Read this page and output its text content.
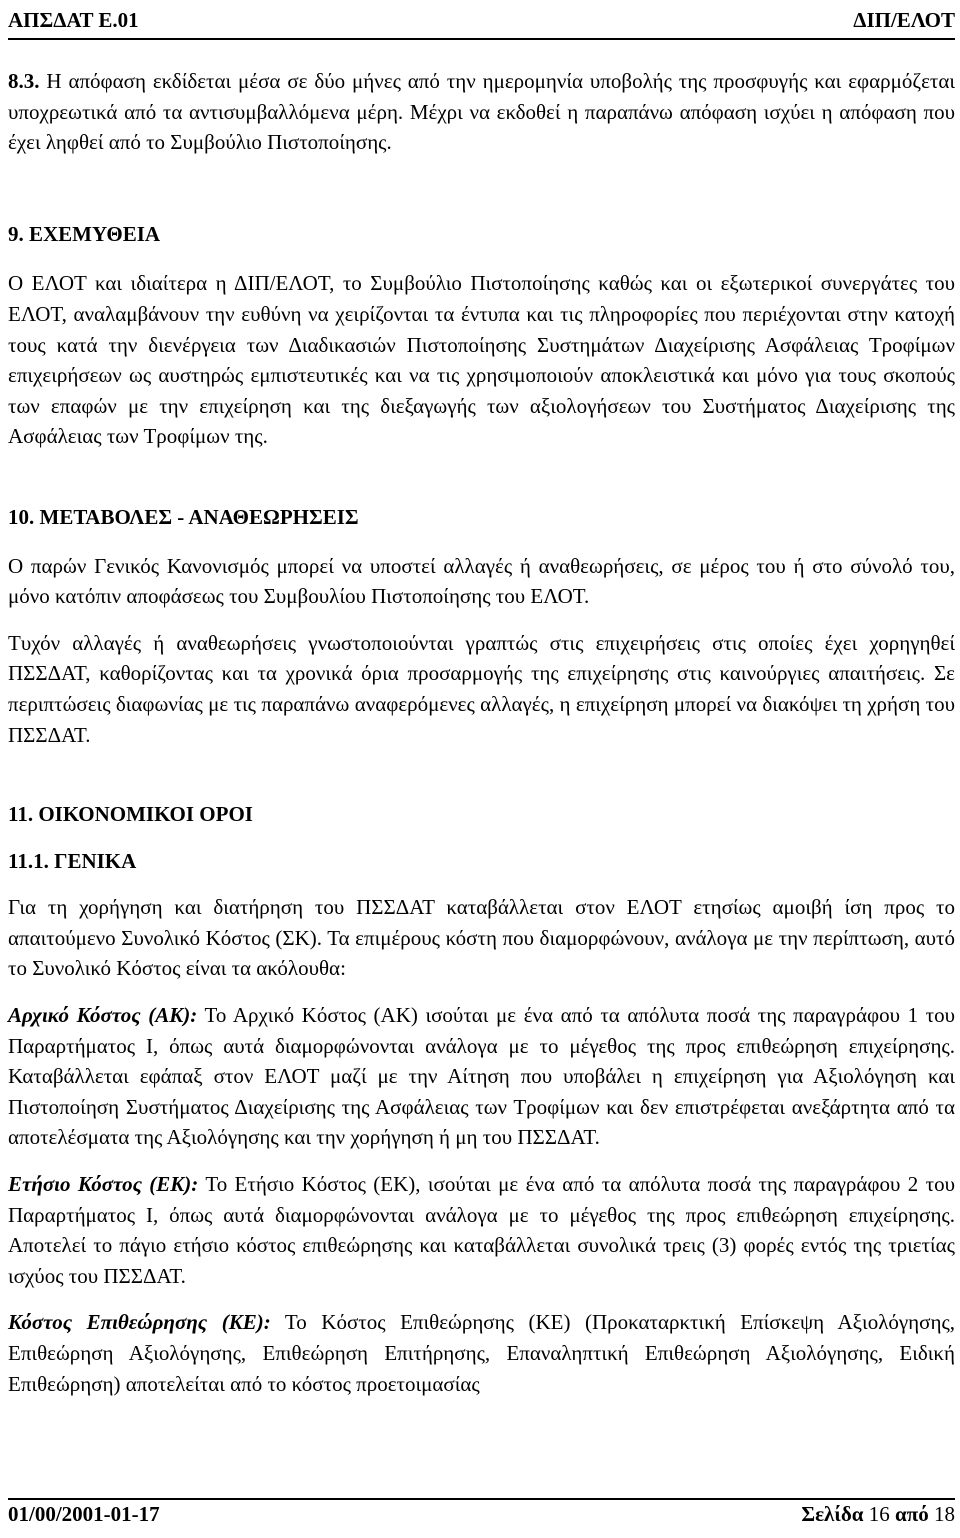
ΑΠΣΔΑΤ Ε.01	ΔΙΠ/ΕΛΟΤ

8.3. Η απόφαση εκδίδεται μέσα σε δύο μήνες από την ημερομηνία υποβολής της προσφυγής και εφαρμόζεται υποχρεωτικά από τα αντισυμβαλλόμενα μέρη. Μέχρι να εκδοθεί η παραπάνω απόφαση ισχύει η απόφαση που έχει ληφθεί από το Συμβούλιο Πιστοποίησης.

9. ΕΧΕΜΥΘΕΙΑ

Ο ΕΛΟΤ και ιδιαίτερα η ΔΙΠ/ΕΛΟΤ, το Συμβούλιο Πιστοποίησης καθώς και οι εξωτερικοί συνεργάτες του ΕΛΟΤ, αναλαμβάνουν την ευθύνη να χειρίζονται τα έντυπα και τις πληροφορίες που περιέχονται στην κατοχή τους κατά την διενέργεια των Διαδικασιών Πιστοποίησης Συστημάτων Διαχείρισης Ασφάλειας Τροφίμων επιχειρήσεων ως αυστηρώς εμπιστευτικές και να τις χρησιμοποιούν αποκλειστικά και μόνο για τους σκοπούς των επαφών με την επιχείρηση και της διεξαγωγής των αξιολογήσεων του Συστήματος Διαχείρισης της Ασφάλειας των Τροφίμων της.

10. ΜΕΤΑΒΟΛΕΣ - ΑΝΑΘΕΩΡΗΣΕΙΣ

Ο παρών Γενικός Κανονισμός μπορεί να υποστεί αλλαγές ή αναθεωρήσεις, σε μέρος του ή στο σύνολό του, μόνο κατόπιν αποφάσεως του Συμβουλίου Πιστοποίησης του ΕΛΟΤ.

Τυχόν αλλαγές ή αναθεωρήσεις γνωστοποιούνται γραπτώς στις επιχειρήσεις στις οποίες έχει χορηγηθεί ΠΣΣΔΑΤ, καθορίζοντας και τα χρονικά όρια προσαρμογής της επιχείρησης στις καινούργιες απαιτήσεις. Σε περιπτώσεις διαφωνίας με τις παραπάνω αναφερόμενες αλλαγές, η επιχείρηση μπορεί να διακόψει τη χρήση του ΠΣΣΔΑΤ.

11. ΟΙΚΟΝΟΜΙΚΟΙ ΟΡΟΙ

11.1. ΓΕΝΙΚΑ

Για τη χορήγηση και διατήρηση του ΠΣΣΔΑΤ καταβάλλεται στον ΕΛΟΤ ετησίως αμοιβή ίση προς το απαιτούμενο Συνολικό Κόστος (ΣΚ). Τα επιμέρους κόστη που διαμορφώνουν, ανάλογα με την περίπτωση, αυτό το Συνολικό Κόστος είναι τα ακόλουθα:

Αρχικό Κόστος (ΑΚ): Το Αρχικό Κόστος (ΑΚ) ισούται με ένα από τα απόλυτα ποσά της παραγράφου 1 του Παραρτήματος Ι, όπως αυτά διαμορφώνονται ανάλογα με το μέγεθος της προς επιθεώρηση επιχείρησης. Καταβάλλεται εφάπαξ στον ΕΛΟΤ μαζί με την Αίτηση που υποβάλει η επιχείρηση για Αξιολόγηση και Πιστοποίηση Συστήματος Διαχείρισης της Ασφάλειας των Τροφίμων και δεν επιστρέφεται ανεξάρτητα από τα αποτελέσματα της Αξιολόγησης και την χορήγηση ή μη του ΠΣΣΔΑΤ.

Ετήσιο Κόστος (ΕΚ): Το Ετήσιο Κόστος (ΕΚ), ισούται με ένα από τα απόλυτα ποσά της παραγράφου 2 του Παραρτήματος Ι, όπως αυτά διαμορφώνονται ανάλογα με το μέγεθος της προς επιθεώρηση επιχείρησης. Αποτελεί το πάγιο ετήσιο κόστος επιθεώρησης και καταβάλλεται συνολικά τρεις (3) φορές εντός της τριετίας ισχύος του ΠΣΣΔΑΤ.

Κόστος Επιθεώρησης (ΚΕ): Το Κόστος Επιθεώρησης (ΚΕ) (Προκαταρκτική Επίσκεψη Αξιολόγησης, Επιθεώρηση Αξιολόγησης, Επιθεώρηση Επιτήρησης, Επαναληπτική Επιθεώρηση Αξιολόγησης, Ειδική Επιθεώρηση) αποτελείται από το κόστος προετοιμασίας

01/00/2001-01-17	Σελίδα 16 από 18
